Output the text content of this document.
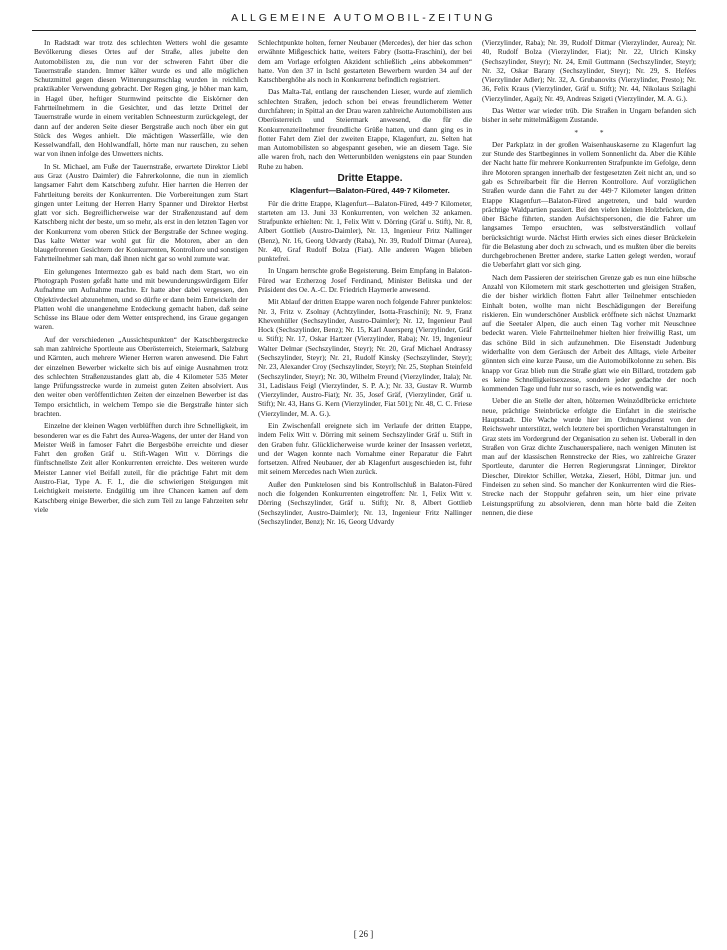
ALLGEMEINE AUTOMOBIL-ZEITUNG

In Radstadt war trotz des schlechten Wetters wohl die gesamte Bevölkerung dieses Ortes auf der Straße, alles jubelte den Automobilisten zu, die nun vor der schweren Fahrt über die Tauernstraße standen. Immer kälter wurde es und alle möglichen Schutzmittel gegen diesen Witterungsumschlag wurden in reichlich praktikabler Verwendung gebracht. Der Regen ging, je höher man kam, in Hagel über, heftiger Sturmwind peitschte die Eiskörner den Fahrtteilnehmern in die Gesichter, und das letzte Drittel der Tauernstraße wurde in einem veritablen Schneesturm zurückgelegt, der dann auf der anderen Seite dieser Bergstraße auch noch über ein gut Stück des Weges anhielt. Die mächtigen Wasserfälle, wie den Kesselwandfall, den Hohlwandfall, hörte man nur rauschen, zu sehen war von ihnen infolge des Unwetters nichts.

In St. Michael, am Fuße der Tauernstraße, erwartete Direktor Liebl aus Graz (Austro Daimler) die Fahrerkolonne, die nun in ziemlich langsamer Fahrt dem Katschberg zufuhr. Hier harrten die Herren der Fahrtleitung bereits der Konkurrenten. Die Vorbereitungen zum Start gingen unter Leitung der Herren Harry Spanner und Direktor Herbst glatt vor sich. Begreiflicherweise war der Straßenzustand auf dem Katschberg nicht der beste, um so mehr, als erst in den letzten Tagen vor der Konkurrenz vom oberen Stück der Bergstraße der Schnee weging. Das kalte Wetter war wohl gut für die Motoren, aber an den blaugefrorenen Gesichtern der Konkurrenten, Kontrollore und sonstigen Fahrtteilnehmer sah man, daß ihnen nicht gar so wohl zumute war.

Ein gelungenes Intermezzo gab es bald nach dem Start, wo ein Photograph Posten gefaßt hatte und mit bewunderungswürdigem Eifer Aufnahme um Aufnahme machte. Er hatte aber dabei vergessen, den Objektivdeckel abzunehmen, und so dürfte er dann beim Entwickeln der Platten wohl die unangenehme Entdeckung gemacht haben, daß seine Schüsse ins Blaue oder dem Wetter entsprechend, ins Graue gegangen waren.

Auf der verschiedenen „Aussichtspunkten“ der Katschbergstrecke sah man zahlreiche Sportleute aus Oberösterreich, Steiermark, Salzburg und Kärnten, auch mehrere Wiener Herren waren anwesend. Die Fahrt der einzelnen Bewerber wickelte sich bis auf einige Ausnahmen trotz des schlechten Straßenzustandes glatt ab, die 4 Kilometer 535 Meter lange Prüfungsstrecke wurde in zumeist guten Zeiten absolviert. Aus den weiter oben veröffentlichten Zeiten der einzelnen Bewerber ist das Tempo ersichtlich, in welchem Tempo sie die Bergstraße hinter sich brachten.

Einzelne der kleinen Wagen verblüfften durch ihre Schnelligkeit, im besonderen war es die Fahrt des Aurea-Wagens, der unter der Hand von Meister Weiß in famoser Fahrt die Bergesböhe erreichte und dieser Fahrt den großen Gräf u. Stift-Wagen Witt v. Dörrings die fünftschnellste Zeit aller Konkurrenten erreichte. Des weiteren wurde Meister Lanner viel Beifall zuteil, für die prächtige Fahrt mit dem Austro-Fiat, Type A. F. I., die die schwierigen Steigungen mit Leichtigkeit meisterte. Endgültig um ihre Chancen kamen auf dem Katschberg einige Bewerber, die sich zum Teil zu lange Fahrzeiten sehr viele

Schlechtpunkte holten, ferner Neubauer (Mercedes), der hier das schon erwähnte Mißgeschick hatte, weiters Fabry (Isotta-Fraschini), der bei dem am Vorlage erfolgten Akzident schließlich „eins abbekommen“ hatte. Von den 37 in Ischl gestarteten Bewerbern wurden 34 auf der Katschberghöhe als noch in Konkurrenz befindlich registriert.

Das Malta-Tal, entlang der rauschenden Lieser, wurde auf ziemlich schlechten Straßen, jedoch schon bei etwas freundlicherem Wetter durchfahren; in Spittal an der Drau waren zahlreiche Automobilisten aus Oberösterreich und Steiermark anwesend, die für die Konkurrenzteilnehmer freundliche Grüße hatten, und dann ging es in flotter Fahrt dem Ziel der zweiten Etappe, Klagenfurt, zu. Selten hat man Automobilisten so abgespannt gesehen, wie an diesem Tage. Sie alle waren froh, nach den Wetterunbilden wenigstens ein paar Stunden Ruhe zu haben.

Dritte Etappe.

Klagenfurt—Balaton-Füred, 449·7 Kilometer.

Für die dritte Etappe, Klagenfurt—Balaton-Füred, 449·7 Kilometer, starteten am 13. Juni 33 Konkurrenten, von welchen 32 ankamen. Strafpunkte erhielten: Nr. 1, Felix Witt v. Dörring (Gräf u. Stift), Nr. 8, Albert Gottlieb (Austro-Daimler), Nr. 13, Ingenieur Fritz Nallinger (Benz), Nr. 16, Georg Udvardy (Raba), Nr. 39, Rudolf Ditmar (Aurea), Nr. 40, Graf Rudolf Bolza (Fiat). Alle anderen Wagen blieben punktefrei.

In Ungarn herrschte große Begeisterung. Beim Empfang in Balaton-Füred war Erzherzog Josef Ferdinand, Minister Belitska und der Präsident des Oe. A.-C. Dr. Friedrich Haymerle anwesend.

Mit Ablauf der dritten Etappe waren noch folgende Fahrer punktelos: Nr. 3, Fritz v. Zsolnay (Achtzylinder, Isotta-Fraschini); Nr. 9, Franz Khevenhüller (Sechszylinder, Austro-Daimler); Nr. 12, Ingenieur Paul Hock (Sechszylinder, Benz); Nr. 15, Karl Auersperg (Vierzylinder, Gräf u. Stift); Nr. 17, Oskar Hartzer (Vierzylinder, Raba); Nr. 19, Ingenieur Walter Delmar (Sechszylinder, Steyr); Nr. 20, Graf Michael Andrassy (Sechszylinder, Steyr); Nr. 21, Rudolf Kinsky (Sechszylinder, Steyr); Nr. 23, Alexander Croy (Sechszylinder, Steyr); Nr. 25, Stephan Steinfeld (Sechszylinder, Steyr); Nr. 30, Wilhelm Freund (Vierzylinder, Itala); Nr. 31, Ladislaus Feigl (Vierzylinder, S. P. A.); Nr. 33, Gustav R. Wurmb (Vierzylinder, Austro-Fiat); Nr. 35, Josef Gräf, (Vierzylinder, Gräf u. Stift); Nr. 43, Hans G. Kern (Vierzylinder, Fiat 501); Nr. 48, C. C. Friese (Vierzylinder, M. A. G.).

Ein Zwischenfall ereignete sich im Verlaufe der dritten Etappe, indem Felix Witt v. Dörring mit seinem Sechszylinder Gräf u. Stift in den Graben fuhr. Glücklicherweise wurde keiner der Insassen verletzt, und der Wagen konnte nach Vornahme einer Reparatur die Fahrt fortsetzen. Alfred Neubauer, der ab Klagenfurt ausgeschieden ist, fuhr mit seinem Mercedes nach Wien zurück.

Außer den Punktelosen sind bis Kontrollschluß in Balaton-Füred noch die folgenden Konkurrenten eingetroffen: Nr. 1, Felix Witt v. Dörring (Sechszylinder, Gräf u. Stift); Nr. 8, Albert Gottlieb (Sechszylinder, Austro-Daimler); Nr. 13, Ingenieur Fritz Nallinger (Sechszylinder, Benz); Nr. 16, Georg Udvardy

(Vierzylinder, Raba); Nr. 39, Rudolf Ditmar (Vierzylinder, Aurea); Nr. 40, Rudolf Bolza (Vierzylinder, Fiat); Nr. 22, Ulrich Kinsky (Sechszylinder, Steyr); Nr. 24, Emil Guttmann (Sechszylinder, Steyr); Nr. 32, Oskar Barany (Sechszylinder, Steyr); Nr. 29, S. Hefées (Vierzylinder Adler); Nr. 32, A. Grubanovits (Vierzylinder, Presto); Nr. 36, Felix Kraus (Vierzylinder, Gräf u. Stift); Nr. 44, Nikolaus Szilaghi (Vierzylinder, Agai); Nr. 49, Andreas Szigeti (Vierzylinder, M. A. G.).

Das Wetter war wieder trüb. Die Straßen in Ungarn befanden sich bisher in sehr mittelmäßigem Zustande.

* *

Der Parkplatz in der großen Waisenhauskaserne zu Klagenfurt lag zur Stunde des Startbeginnes in vollem Sonnenlicht da. Aber die Kühle der Nacht hatte für mehrere Konkurrenten Strafpunkte im Gefolge, denn ihre Motoren sprangen innerhalb der festgesetzten Zeit nicht an, und so gab es Schreibarbeit für die Herren Kontrollore. Auf vorzüglichen Straßen wurde dann die Fahrt zu der 449·7 Kilometer langen dritten Etappe Klagenfurt—Balaton-Füred angetreten, und bald wurden prächtige Waldpartien passiert. Bei den vielen kleinen Holzbrücken, die über Bäche führten, standen Aufsichtspersonen, die die Fahrer um langsames Tempo ersuchten, was selbstverständlich vollauf berücksichtigt wurde. Nächst Hirth erwies sich eines dieser Brückelein für die Belastung aber doch zu schwach, und es mußten über die bereits durchgebrochenen Bretter andere, starke Latten gelegt werden, worauf die Ueberfahrt glatt vor sich ging.

Nach dem Passieren der steirischen Grenze gab es nun eine hübsche Anzahl von Kilometern mit stark geschotterten und gleisigen Straßen, die der bisher wirklich flotten Fahrt aller Teilnehmer entschieden Einhalt boten, wollte man nicht Beschädigungen der Bereifung riskieren. Ein wunderschöner Ausblick eröffnete sich nächst Unzmarkt auf die Seetaler Alpen, die auch einen Tag vorher mit Neuschnee bedeckt waren. Viele Fahrtteilnehmer hielten hier freiwillig Rast, um das schöne Bild in sich aufzunehmen. Die Eisenstadt Judenburg widerhallte von dem Geräusch der Arbeit des Alltags, viele Arbeiter gönnten sich eine kurze Pause, um die Automobilkolonne zu sehen. Bis knapp vor Graz blieb nun die Straße glatt wie ein Billard, trotzdem gab es keine Schnelligkeitsexzesse, sondern jeder gedachte der noch kommenden Tage und fuhr nur so rasch, wie es notwendig war.

Ueber die an Stelle der alten, hölzernen Weinzödlbrücke errichtete neue, prächtige Steinbrücke erfolgte die Einfahrt in die steirische Hauptstadt. Die Wache wurde hier im Ordnungsdienst von der Reichswehr unterstützt, welch letztere bei sportlichen Veranstaltungen in Graz stets im Vordergrund der Organisation zu sehen ist. Ueberall in den Straßen von Graz dichte Zuschauerspaliere, nach wenigen Minuten ist man auf der klassischen Rennstrecke der Ries, wo zahlreiche Grazer Sportleute, darunter die Herren Regierungsrat Linninger, Direktor Diescher, Direktor Schiller, Wetzka, Zieserl, Höbl, Ditmar jun. und Findeisen zu sehen sind. So mancher der Konkurrenten wird die Ries-Strecke nach der Stoppuhr gefahren sein, um hier eine private Leistungsprüfung zu absolvieren, denn man hörte bald die Zeiten nennen, die diese

[ 26 ]
